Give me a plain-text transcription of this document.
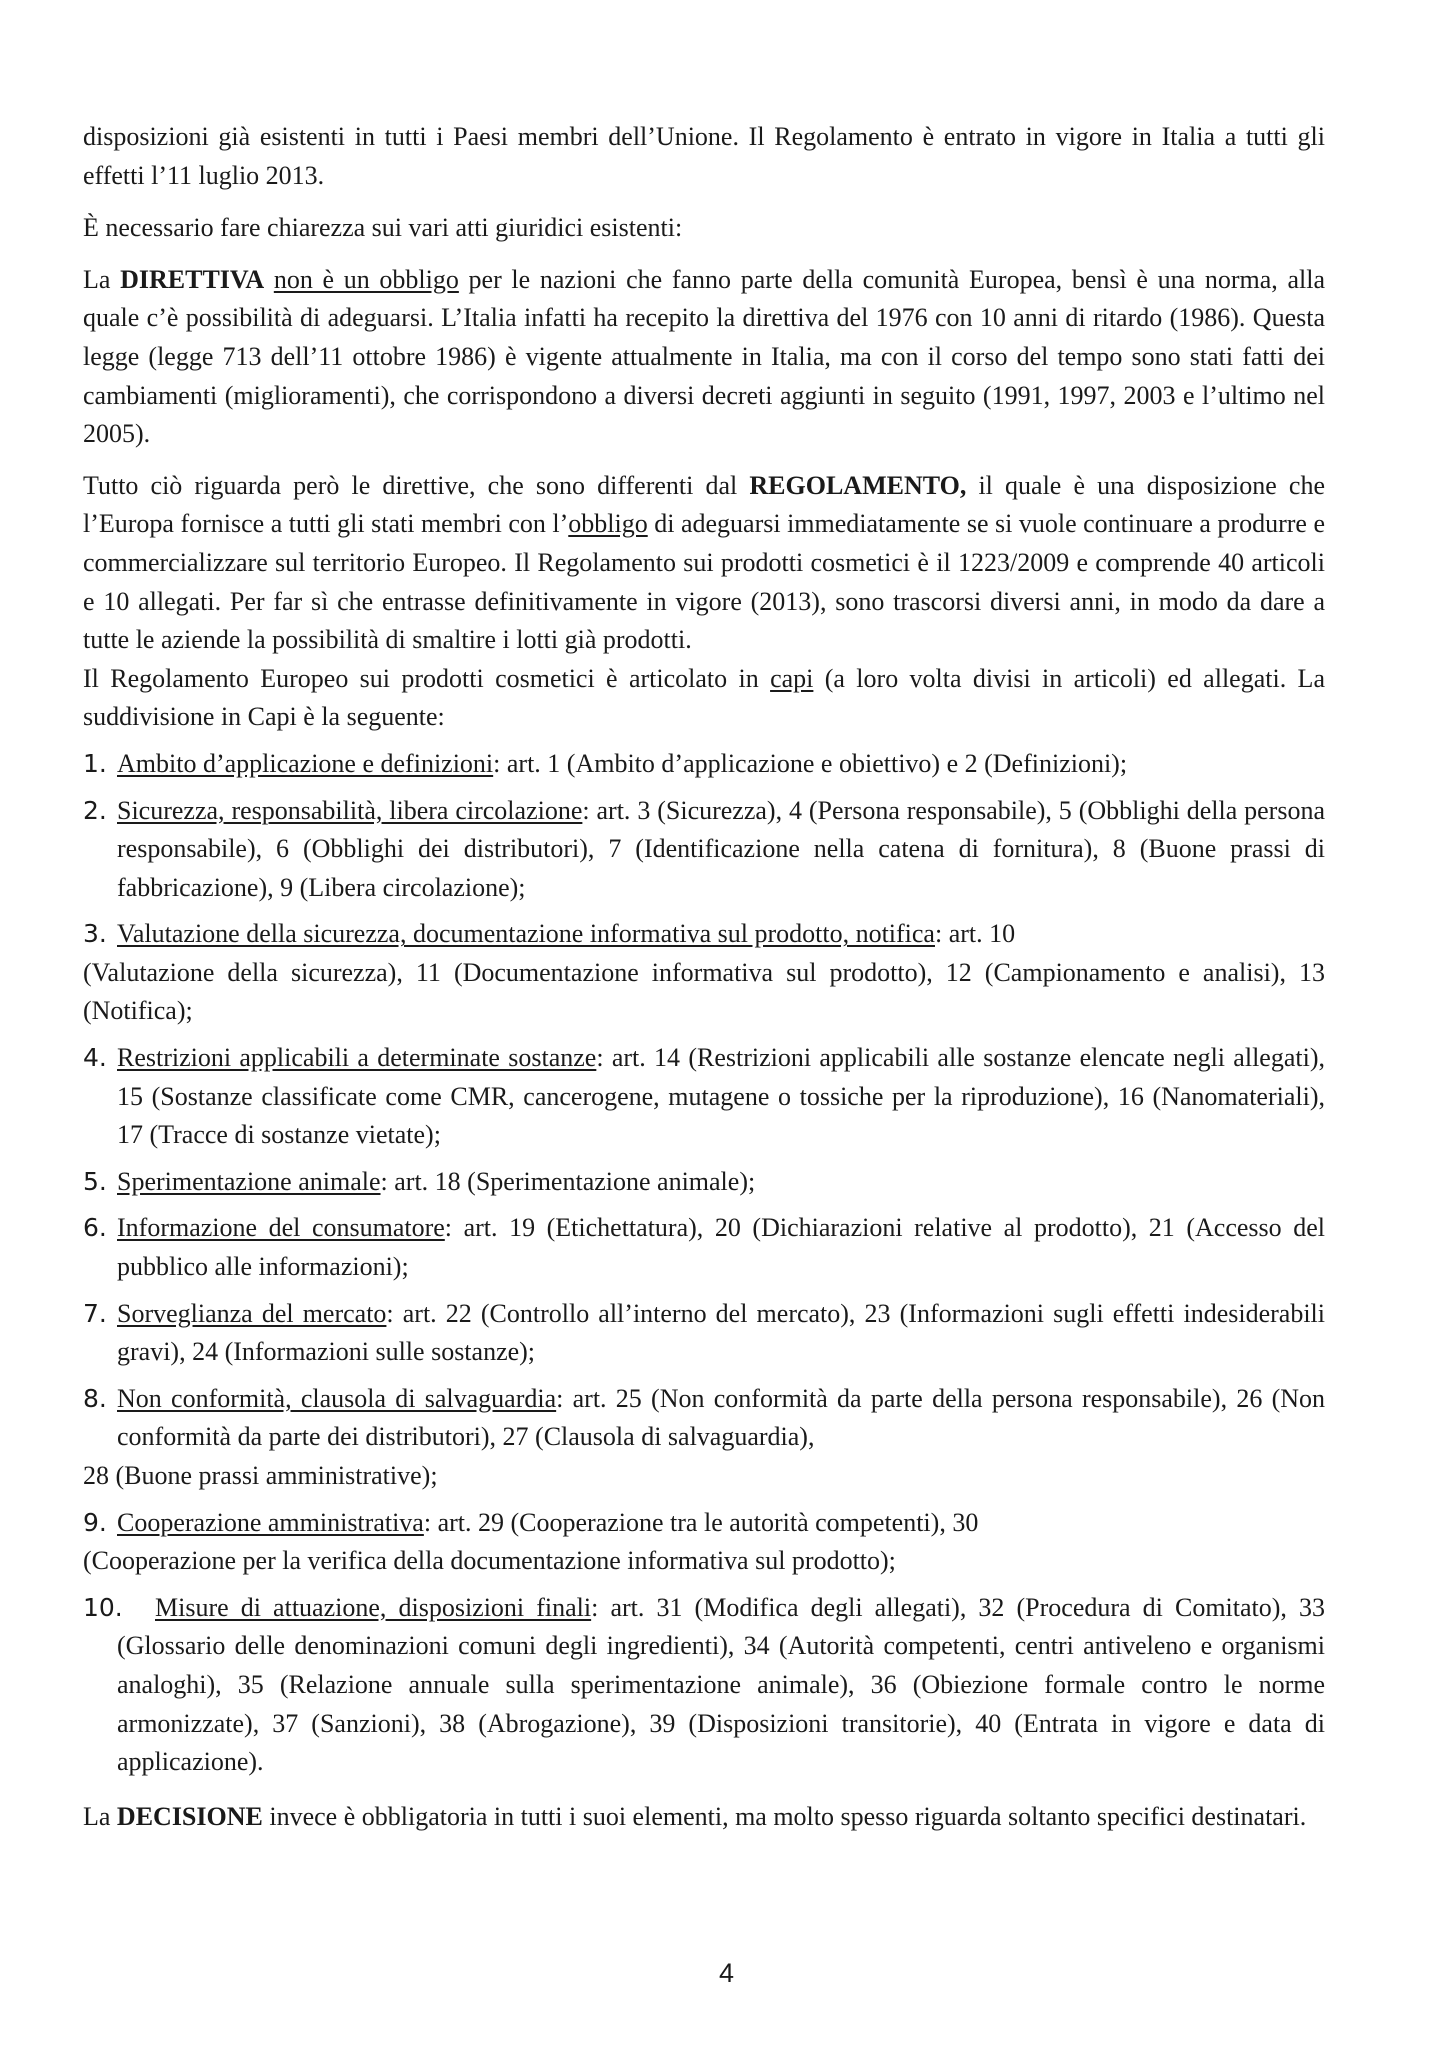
disposizioni già esistenti in tutti i Paesi membri dell’Unione. Il Regolamento è entrato in vigore in Italia a tutti gli effetti l’11 luglio 2013.

È necessario fare chiarezza sui vari atti giuridici esistenti:

La DIRETTIVA non è un obbligo per le nazioni che fanno parte della comunità Europea, bensì è una norma, alla quale c’è possibilità di adeguarsi. L’Italia infatti ha recepito la direttiva del 1976 con 10 anni di ritardo (1986). Questa legge (legge 713 dell’11 ottobre 1986) è vigente attualmente in Italia, ma con il corso del tempo sono stati fatti dei cambiamenti (miglioramenti), che corrispondono a diversi decreti aggiunti in seguito (1991, 1997, 2003 e l’ultimo nel 2005).

Tutto ciò riguarda però le direttive, che sono differenti dal REGOLAMENTO, il quale è una disposizione che l’Europa fornisce a tutti gli stati membri con l’obbligo di adeguarsi immediatamente se si vuole continuare a produrre e commercializzare sul territorio Europeo. Il Regolamento sui prodotti cosmetici è il 1223/2009 e comprende 40 articoli e 10 allegati. Per far sì che entrasse definitivamente in vigore (2013), sono trascorsi diversi anni, in modo da dare a tutte le aziende la possibilità di smaltire i lotti già prodotti.

Il Regolamento Europeo sui prodotti cosmetici è articolato in capi (a loro volta divisi in articoli) ed allegati. La suddivisione in Capi è la seguente:

1. Ambito d’applicazione e definizioni: art. 1 (Ambito d’applicazione e obiettivo) e 2 (Definizioni);
2. Sicurezza, responsabilità, libera circolazione: art. 3 (Sicurezza), 4 (Persona responsabile), 5 (Obblighi della persona responsabile), 6 (Obblighi dei distributori), 7 (Identificazione nella catena di fornitura), 8 (Buone prassi di fabbricazione), 9 (Libera circolazione);
3. Valutazione della sicurezza, documentazione informativa sul prodotto, notifica: art. 10
(Valutazione della sicurezza), 11 (Documentazione informativa sul prodotto), 12 (Campionamento e analisi), 13 (Notifica);
4. Restrizioni applicabili a determinate sostanze: art. 14 (Restrizioni applicabili alle sostanze elencate negli allegati), 15 (Sostanze classificate come CMR, cancerogene, mutagene o tossiche per la riproduzione), 16 (Nanomateriali), 17 (Tracce di sostanze vietate);
5. Sperimentazione animale: art. 18 (Sperimentazione animale);
6. Informazione del consumatore: art. 19 (Etichettatura), 20 (Dichiarazioni relative al prodotto), 21 (Accesso del pubblico alle informazioni);
7. Sorveglianza del mercato: art. 22 (Controllo all’interno del mercato), 23 (Informazioni sugli effetti indesiderabili gravi), 24 (Informazioni sulle sostanze);
8. Non conformità, clausola di salvaguardia: art. 25 (Non conformità da parte della persona responsabile), 26 (Non conformità da parte dei distributori), 27 (Clausola di salvaguardia),
28 (Buone prassi amministrative);
9. Cooperazione amministrativa: art. 29 (Cooperazione tra le autorità competenti), 30
(Cooperazione per la verifica della documentazione informativa sul prodotto);
10. Misure di attuazione, disposizioni finali: art. 31 (Modifica degli allegati), 32 (Procedura di Comitato), 33 (Glossario delle denominazioni comuni degli ingredienti), 34 (Autorità competenti, centri antiveleno e organismi analoghi), 35 (Relazione annuale sulla sperimentazione animale), 36 (Obiezione formale contro le norme armonizzate), 37 (Sanzioni), 38 (Abrogazione), 39 (Disposizioni transitorie), 40 (Entrata in vigore e data di applicazione).

La DECISIONE invece è obbligatoria in tutti i suoi elementi, ma molto spesso riguarda soltanto specifici destinatari.

4
